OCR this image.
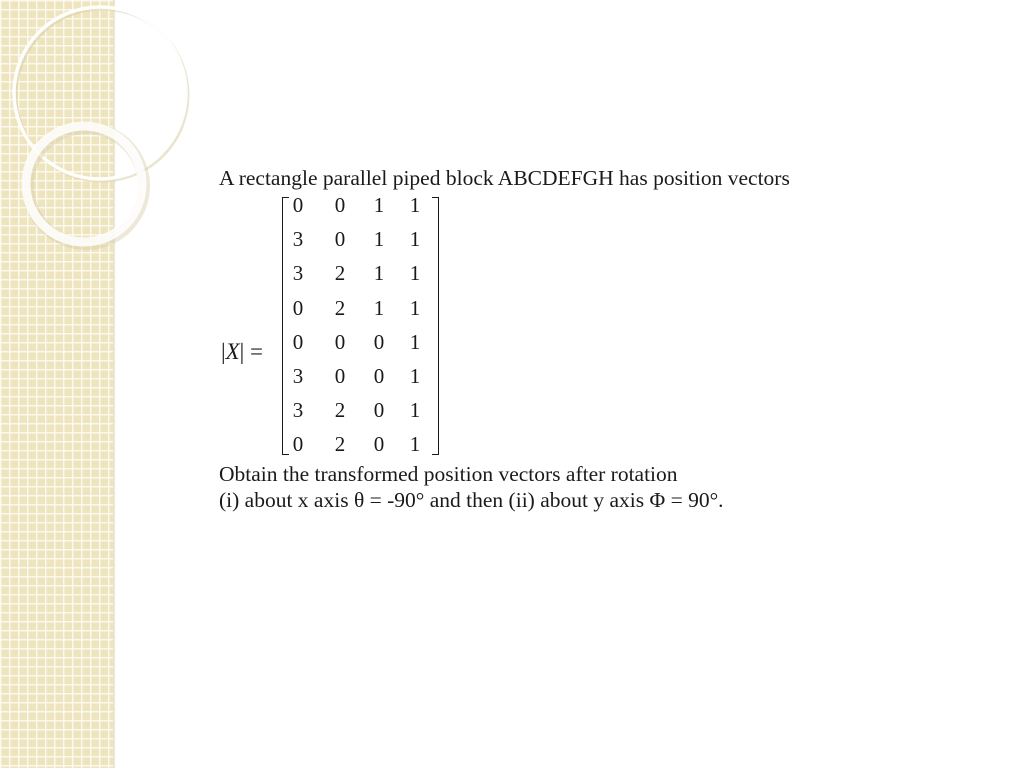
A rectangle parallel piped block ABCDEFGH has position vectors
|X| =
0 0 1 1
3 0 1 1
3 2 1 1
0 2 1 1
0 0 0 1
3 0 0 1
3 2 0 1
0 2 0 1
Obtain the transformed position vectors after rotation
(i) about x axis θ = -90° and then (ii) about y axis Φ = 90°.
